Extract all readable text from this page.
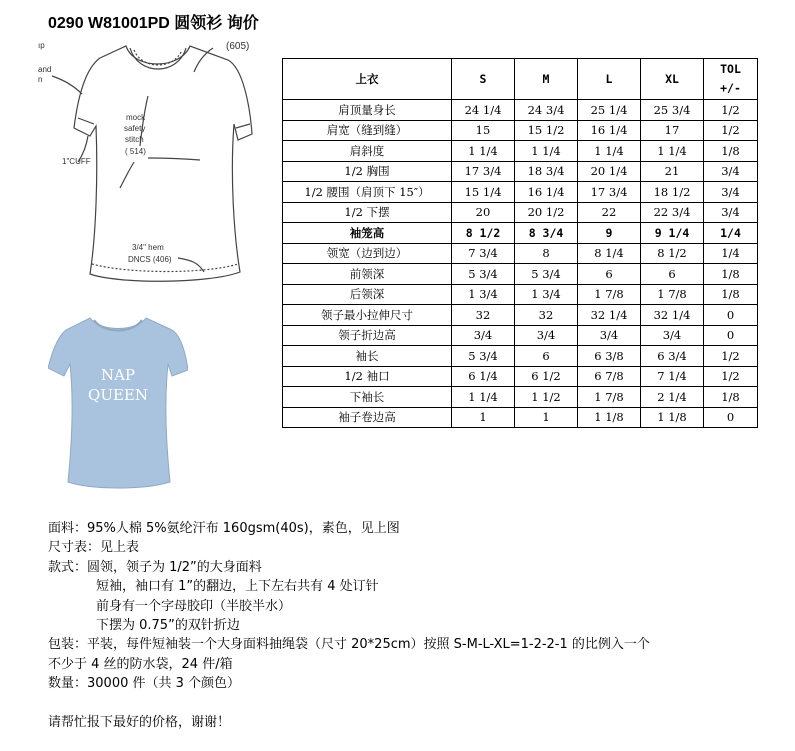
0290 W81001PD 圆领衫 询价
ıp	(605)
and
n
mock
safety
stitch
( 514)
1"CUFF
3/4" hem
DNCS (406)
NAP
QUEEN
上衣	S	M	L	XL	TOL
+/-

肩顶量身长	24 1/4	24 3/4	25 1/4	25 3/4	1/2
肩宽（缝到缝）	15	15 1/2	16 1/4	17	1/2
肩斜度	1 1/4	1 1/4	1 1/4	1 1/4	1/8
1/2 胸围	17 3/4	18 3/4	20 1/4	21	3/4
1/2 腰围（肩顶下 15″）	15 1/4	16 1/4	17 3/4	18 1/2	3/4
1/2 下摆	20	20 1/2	22	22 3/4	3/4
袖笼高	8 1/2	8 3/4	9	9 1/4	1/4
领宽（边到边）	7 3/4	8	8 1/4	8 1/2	1/4
前领深	5 3/4	5 3/4	6	6	1/8
后领深	1 3/4	1 3/4	1 7/8	1 7/8	1/8
领子最小拉伸尺寸	32	32	32 1/4	32 1/4	0
领子折边高	3/4	3/4	3/4	3/4	0
袖长	5 3/4	6	6 3/8	6 3/4	1/2
1/2 袖口	6 1/4	6 1/2	6 7/8	7 1/4	1/2
下袖长	1 1/4	1 1/2	1 7/8	2 1/4	1/8
袖子卷边高	1	1	1 1/8	1 1/8	0
面料：95%人棉 5%氨纶汗布 160gsm(40s)，素色，见上图
尺寸表：见上表
款式：圆领，领子为 1/2”的大身面料
短袖，袖口有 1”的翻边，上下左右共有 4 处订针
前身有一个字母胶印（半胶半水）
下摆为 0.75”的双针折边
包装：平装，每件短袖装一个大身面料抽绳袋（尺寸 20*25cm）按照 S-M-L-XL=1-2-2-1 的比例入一个
不少于 4 丝的防水袋，24 件/箱
数量：30000 件（共 3 个颜色）
请帮忙报下最好的价格，谢谢！
